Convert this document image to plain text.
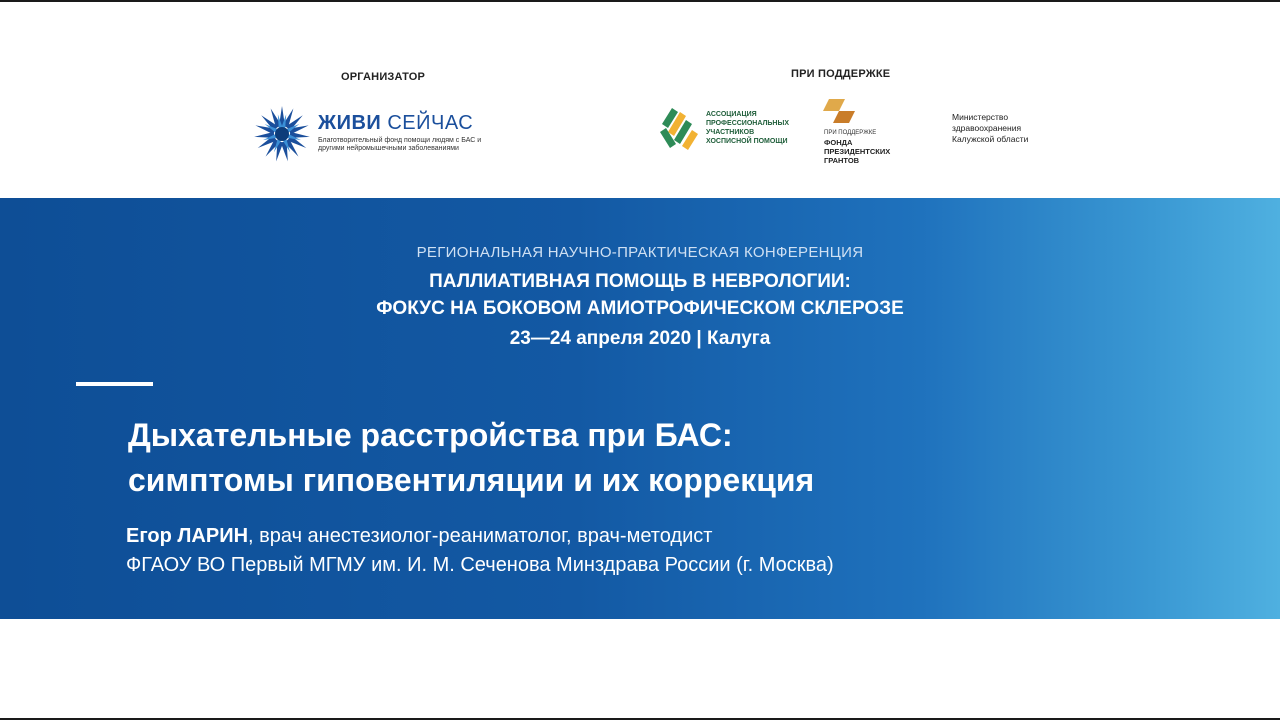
ОРГАНИЗАТОР	ПРИ ПОДДЕРЖКЕ
ЖИВИ СЕЙЧАС
Благотворительный фонд помощи людям с БАС и другими нейромышечными заболеваниями
АССОЦИАЦИЯ
ПРОФЕССИОНАЛЬНЫХ
УЧАСТНИКОВ
ХОСПИСНОЙ ПОМОЩИ
ПРИ ПОДДЕРЖКЕ
ФОНДА
ПРЕЗИДЕНТСКИХ
ГРАНТОВ
Министерство
здравоохранения
Калужской области
РЕГИОНАЛЬНАЯ НАУЧНО-ПРАКТИЧЕСКАЯ КОНФЕРЕНЦИЯ
ПАЛЛИАТИВНАЯ ПОМОЩЬ В НЕВРОЛОГИИ:
ФОКУС НА БОКОВОМ АМИОТРОФИЧЕСКОМ СКЛЕРОЗЕ
23—24 апреля 2020 | Калуга
Дыхательные расстройства при БАС:
симптомы гиповентиляции и их коррекция
Егор ЛАРИН, врач анестезиолог-реаниматолог, врач-методист
ФГАОУ ВО Первый МГМУ им. И. М. Сеченова Минздрава России (г. Москва)
